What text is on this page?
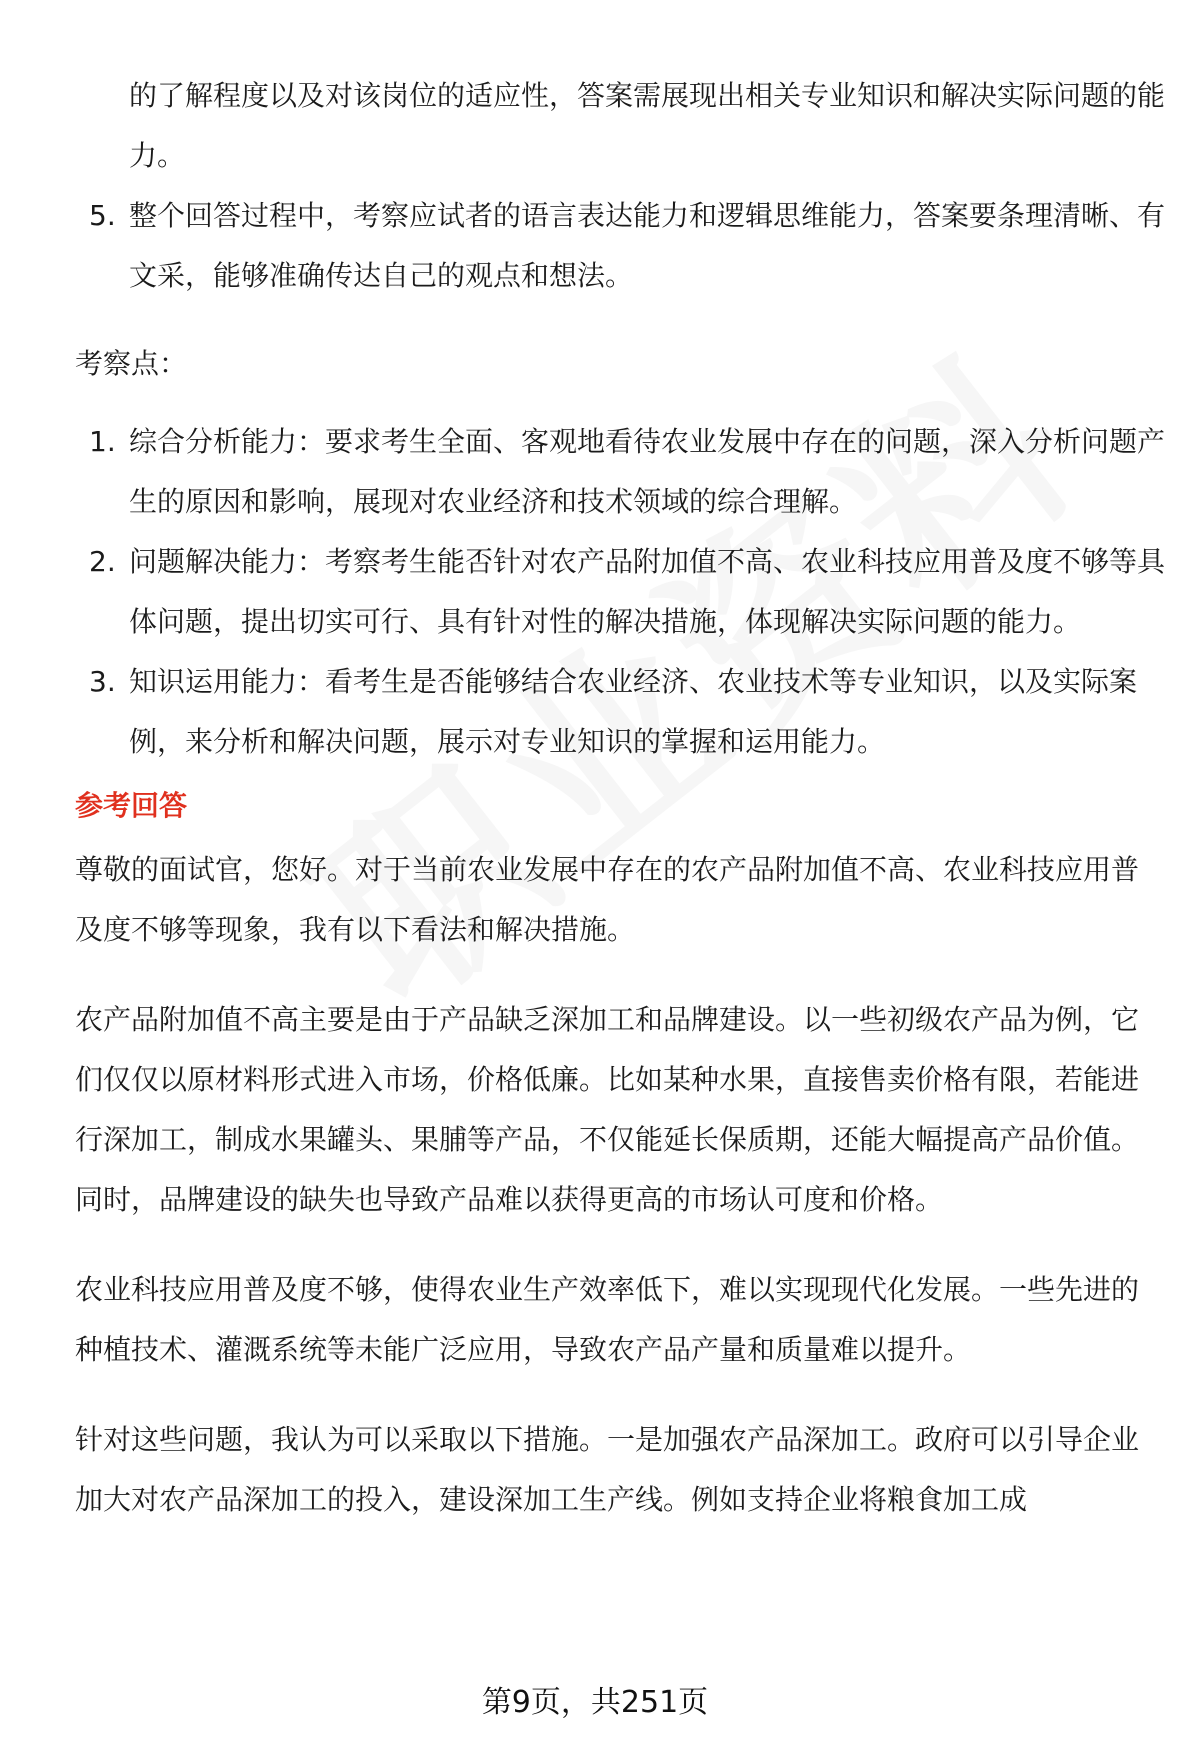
的了解程度以及对该岗位的适应性，答案需展现出相关专业知识和解决实际问题的能力。

5. 整个回答过程中，考察应试者的语言表达能力和逻辑思维能力，答案要条理清晰、有文采，能够准确传达自己的观点和想法。

考察点：

1. 综合分析能力：要求考生全面、客观地看待农业发展中存在的问题，深入分析问题产生的原因和影响，展现对农业经济和技术领域的综合理解。
2. 问题解决能力：考察考生能否针对农产品附加值不高、农业科技应用普及度不够等具体问题，提出切实可行、具有针对性的解决措施，体现解决实际问题的能力。
3. 知识运用能力：看考生是否能够结合农业经济、农业技术等专业知识，以及实际案例，来分析和解决问题，展示对专业知识的掌握和运用能力。

参考回答

尊敬的面试官，您好。对于当前农业发展中存在的农产品附加值不高、农业科技应用普及度不够等现象，我有以下看法和解决措施。

农产品附加值不高主要是由于产品缺乏深加工和品牌建设。以一些初级农产品为例，它们仅仅以原材料形式进入市场，价格低廉。比如某种水果，直接售卖价格有限，若能进行深加工，制成水果罐头、果脯等产品，不仅能延长保质期，还能大幅提高产品价值。同时，品牌建设的缺失也导致产品难以获得更高的市场认可度和价格。

农业科技应用普及度不够，使得农业生产效率低下，难以实现现代化发展。一些先进的种植技术、灌溉系统等未能广泛应用，导致农产品产量和质量难以提升。

针对这些问题，我认为可以采取以下措施。一是加强农产品深加工。政府可以引导企业加大对农产品深加工的投入，建设深加工生产线。例如支持企业将粮食加工成

第9页，共251页
